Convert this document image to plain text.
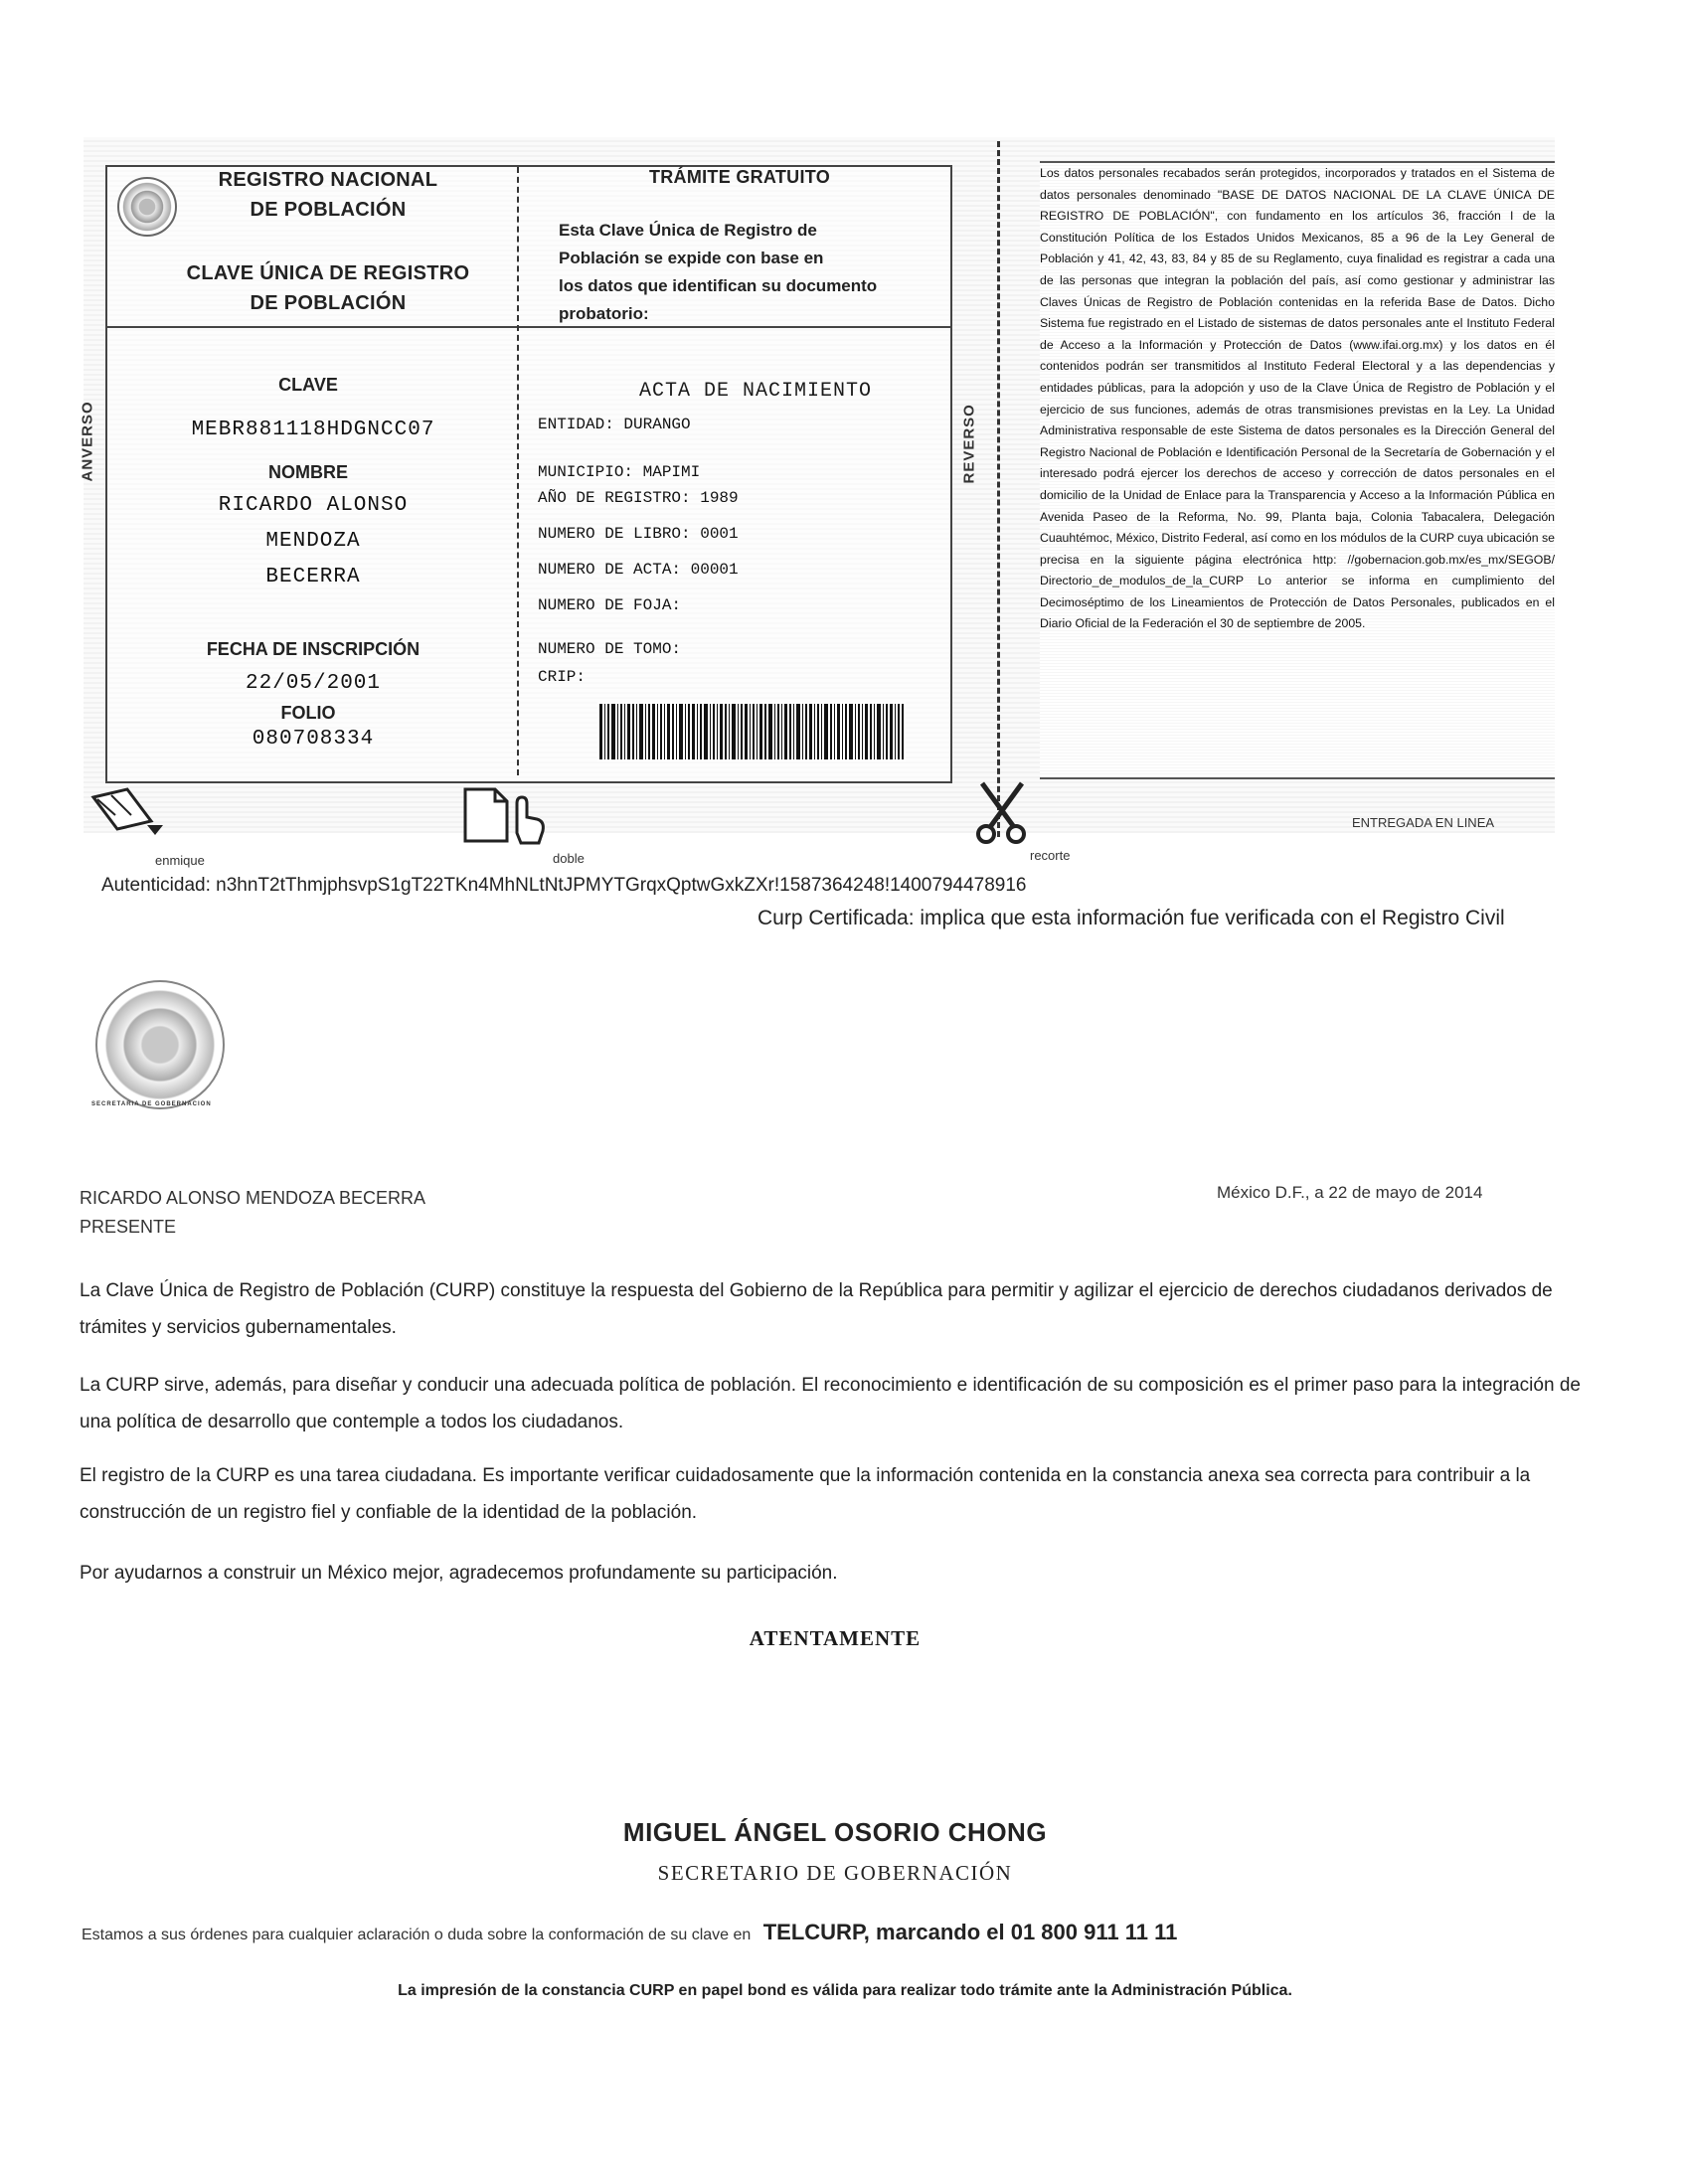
REGISTRO NACIONAL
DE POBLACIÓN
CLAVE ÚNICA DE REGISTRO
DE POBLACIÓN
TRÁMITE GRATUITO
Esta Clave Única de Registro de
Población se expide con base en
los datos que identifican su documento
probatorio:
ANVERSO
CLAVE
MEBR881118HDGNCC07
NOMBRE
RICARDO ALONSO
MENDOZA
BECERRA
FECHA DE INSCRIPCIÓN
22/05/2001
FOLIO
080708334
ACTA DE NACIMIENTO
ENTIDAD: DURANGO
MUNICIPIO: MAPIMI
AÑO DE REGISTRO: 1989
NUMERO DE LIBRO: 0001
NUMERO DE ACTA: 00001
NUMERO DE FOJA:
NUMERO DE TOMO:
CRIP:
REVERSO
Los datos personales recabados serán protegidos, incorporados y tratados en el Sistema de datos personales denominado "BASE DE DATOS NACIONAL DE LA CLAVE ÚNICA DE REGISTRO DE POBLACIÓN", con fundamento en los artículos 36, fracción I de la Constitución Política de los Estados Unidos Mexicanos, 85 a 96 de la Ley General de Población y 41, 42, 43, 83, 84 y 85 de su Reglamento, cuya finalidad es registrar a cada una de las personas que integran la población del país, así como gestionar y administrar las Claves Únicas de Registro de Población contenidas en la referida Base de Datos. Dicho Sistema fue registrado en el Listado de sistemas de datos personales ante el Instituto Federal de Acceso a la Información y Protección de Datos (www.ifai.org.mx) y los datos en él contenidos podrán ser transmitidos al Instituto Federal Electoral y a las dependencias y entidades públicas, para la adopción y uso de la Clave Única de Registro de Población y el ejercicio de sus funciones, además de otras transmisiones previstas en la Ley. La Unidad Administrativa responsable de este Sistema de datos personales es la Dirección General del Registro Nacional de Población e Identificación Personal de la Secretaría de Gobernación y el interesado podrá ejercer los derechos de acceso y corrección de datos personales en el domicilio de la Unidad de Enlace para la Transparencia y Acceso a la Información Pública en Avenida Paseo de la Reforma, No. 99, Planta baja, Colonia Tabacalera, Delegación Cuauhtémoc, México, Distrito Federal, así como en los módulos de la CURP cuya ubicación se precisa en la siguiente página electrónica http: //gobernacion.gob.mx/es_mx/SEGOB/ Directorio_de_modulos_de_la_CURP Lo anterior se informa en cumplimiento del Decimoséptimo de los Lineamientos de Protección de Datos Personales, publicados en el Diario Oficial de la Federación el 30 de septiembre de 2005.
ENTREGADA EN LINEA
enmique	doble	recorte
Autenticidad: n3hnT2tThmjphsvpS1gT22TKn4MhNLtNtJPMYTGrqxQptwGxkZXr!1587364248!1400794478916
Curp Certificada: implica que esta información fue verificada con el Registro Civil
SECRETARIA DE GOBERNACION
RICARDO ALONSO MENDOZA BECERRA
PRESENTE
México D.F., a 22 de mayo de 2014
La Clave Única de Registro de Población (CURP) constituye la respuesta del Gobierno de la República para permitir y agilizar el ejercicio de derechos ciudadanos derivados de trámites y servicios gubernamentales.
La CURP sirve, además, para diseñar y conducir una adecuada política de población. El reconocimiento e identificación de su composición es el primer paso para la integración de una política de desarrollo que contemple a todos los ciudadanos.
El registro de la CURP es una tarea ciudadana. Es importante verificar cuidadosamente que la información contenida en la constancia anexa sea correcta para contribuir a la construcción de un registro fiel y confiable de la identidad de la población.
Por ayudarnos a construir un México mejor, agradecemos profundamente su participación.
ATENTAMENTE
MIGUEL ÁNGEL OSORIO CHONG
SECRETARIO DE GOBERNACIÓN
Estamos a sus órdenes para cualquier aclaración o duda sobre la conformación de su clave en TELCURP, marcando el 01 800 911 11 11
La impresión de la constancia CURP en papel bond es válida para realizar todo trámite ante la Administración Pública.
